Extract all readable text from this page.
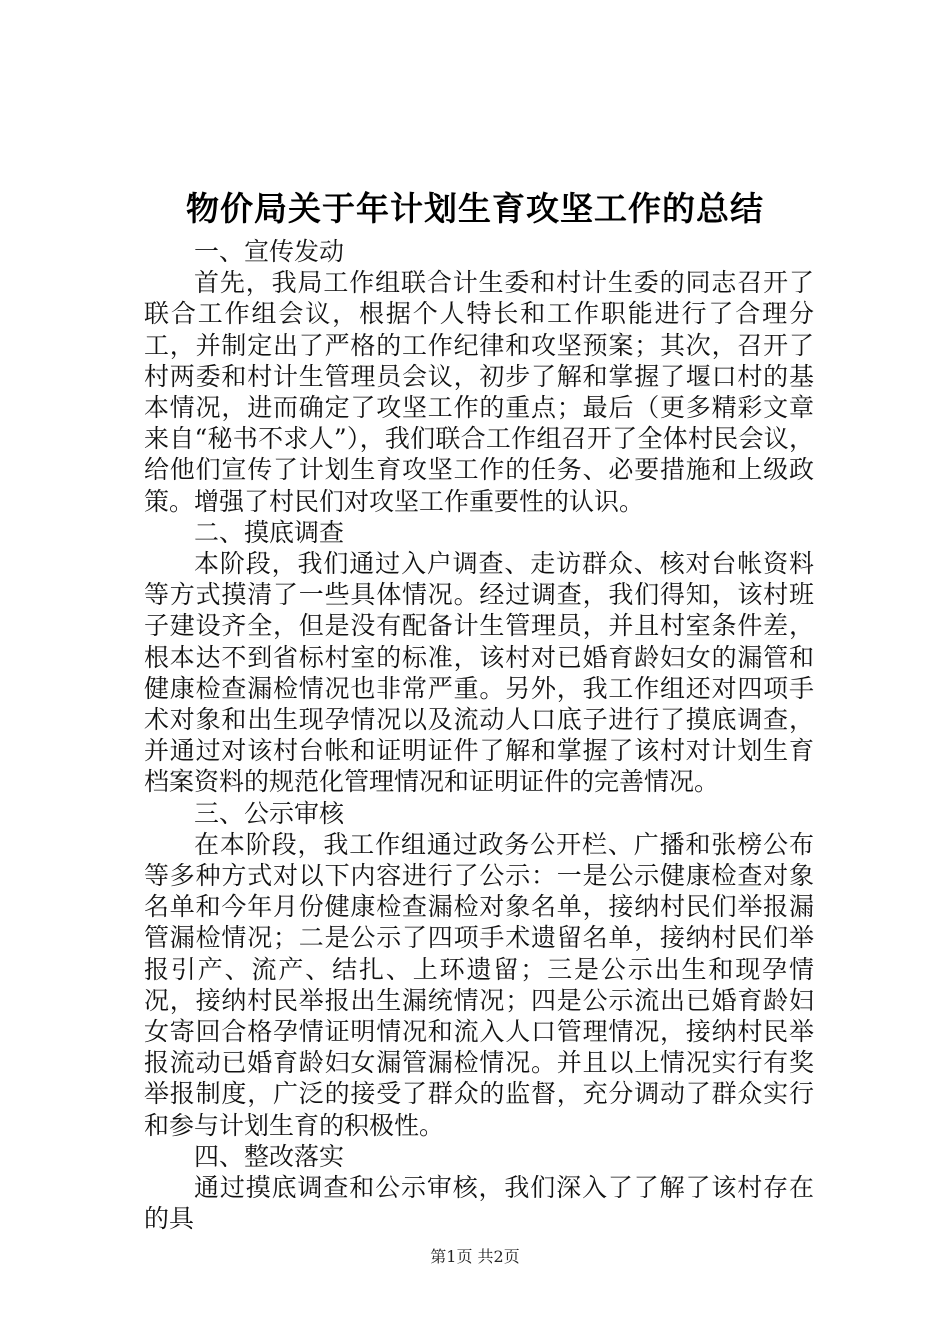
物价局关于年计划生育攻坚工作的总结

一、宣传发动

首先，我局工作组联合计生委和村计生委的同志召开了联合工作组会议，根据个人特长和工作职能进行了合理分工，并制定出了严格的工作纪律和攻坚预案；其次，召开了村两委和村计生管理员会议，初步了解和掌握了堰口村的基本情况，进而确定了攻坚工作的重点；最后（更多精彩文章来自“秘书不求人”），我们联合工作组召开了全体村民会议，给他们宣传了计划生育攻坚工作的任务、必要措施和上级政策。增强了村民们对攻坚工作重要性的认识。

二、摸底调查

本阶段，我们通过入户调查、走访群众、核对台帐资料等方式摸清了一些具体情况。经过调查，我们得知，该村班子建设齐全，但是没有配备计生管理员，并且村室条件差，根本达不到省标村室的标准，该村对已婚育龄妇女的漏管和健康检查漏检情况也非常严重。另外，我工作组还对四项手术对象和出生现孕情况以及流动人口底子进行了摸底调查，并通过对该村台帐和证明证件了解和掌握了该村对计划生育档案资料的规范化管理情况和证明证件的完善情况。

三、公示审核

在本阶段，我工作组通过政务公开栏、广播和张榜公布等多种方式对以下内容进行了公示：一是公示健康检查对象名单和今年月份健康检查漏检对象名单，接纳村民们举报漏管漏检情况；二是公示了四项手术遗留名单，接纳村民们举报引产、流产、结扎、上环遗留；三是公示出生和现孕情况，接纳村民举报出生漏统情况；四是公示流出已婚育龄妇女寄回合格孕情证明情况和流入人口管理情况，接纳村民举报流动已婚育龄妇女漏管漏检情况。并且以上情况实行有奖举报制度，广泛的接受了群众的监督，充分调动了群众实行和参与计划生育的积极性。

四、整改落实

通过摸底调查和公示审核，我们深入了了解了该村存在的具

第1页 共2页
